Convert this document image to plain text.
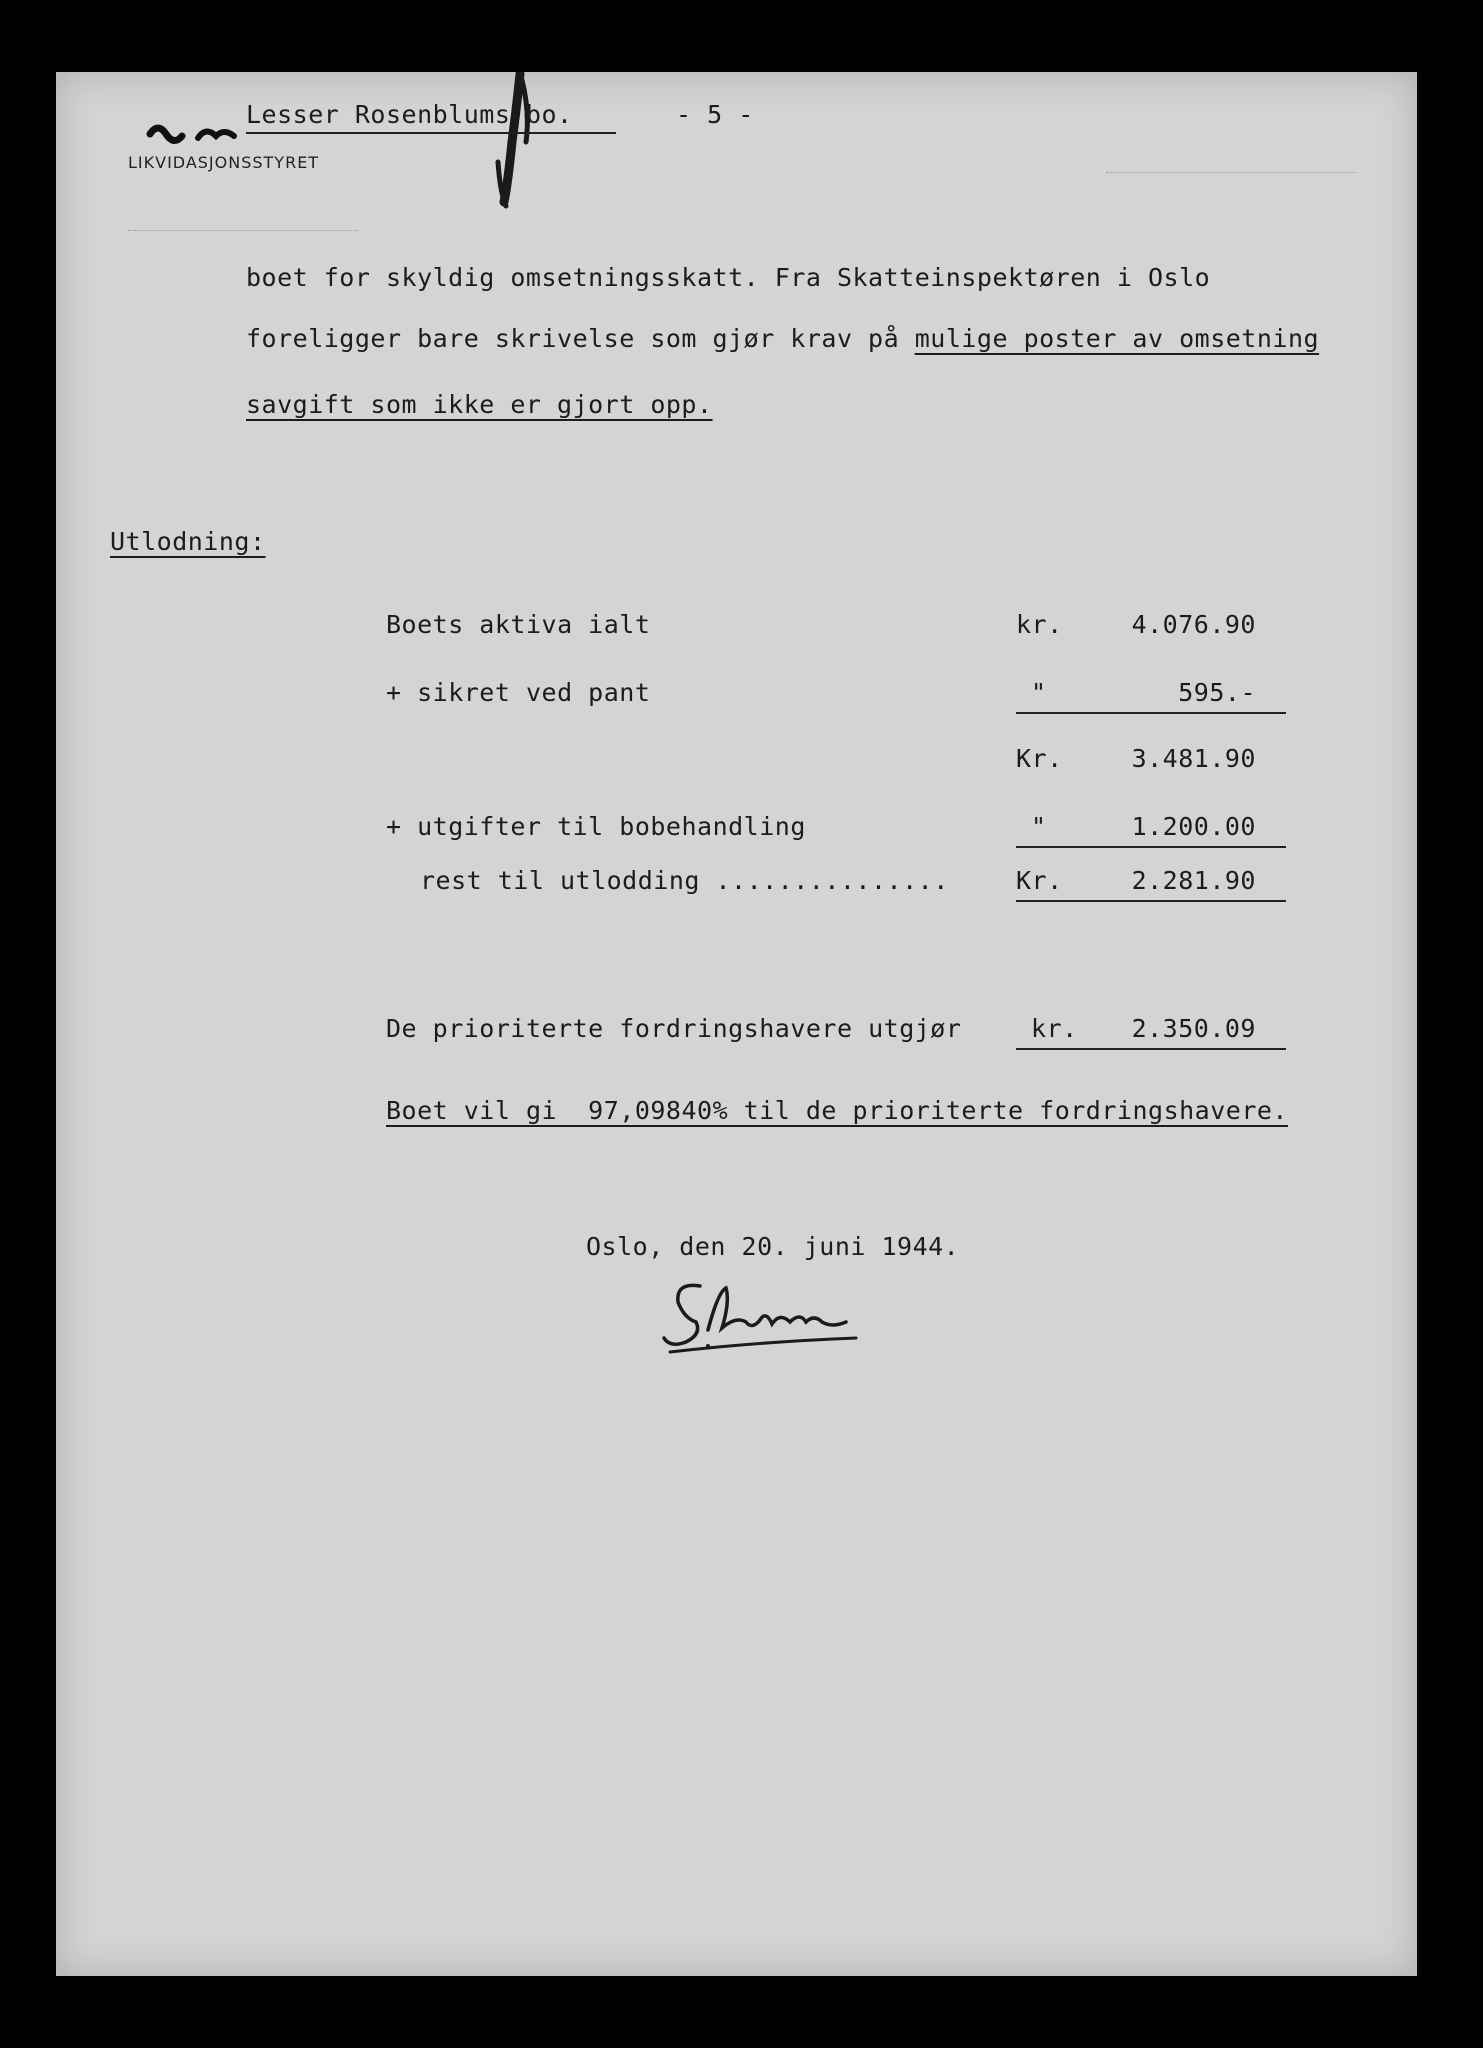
Lesser Rosenblums bo.	- 5 -
LIKVIDASJONSSTYRET
boet for skyldig omsetningsskatt. Fra Skatteinspektøren i Oslo
foreligger bare skrivelse som gjør krav på mulige poster av omsetning
savgift som ikke er gjort opp.
Utlodning:
Boets aktiva ialt	kr.	4.076.90
+ sikret ved pant	"	595.-
Kr.	3.481.90
+ utgifter til bobehandling	"	1.200.00
rest til utlodding ...............	Kr.	2.281.90
De prioriterte fordringshavere utgjør	kr.	2.350.09
Boet vil gi  97,09840% til de prioriterte fordringshavere.
Oslo, den 20. juni 1944.
